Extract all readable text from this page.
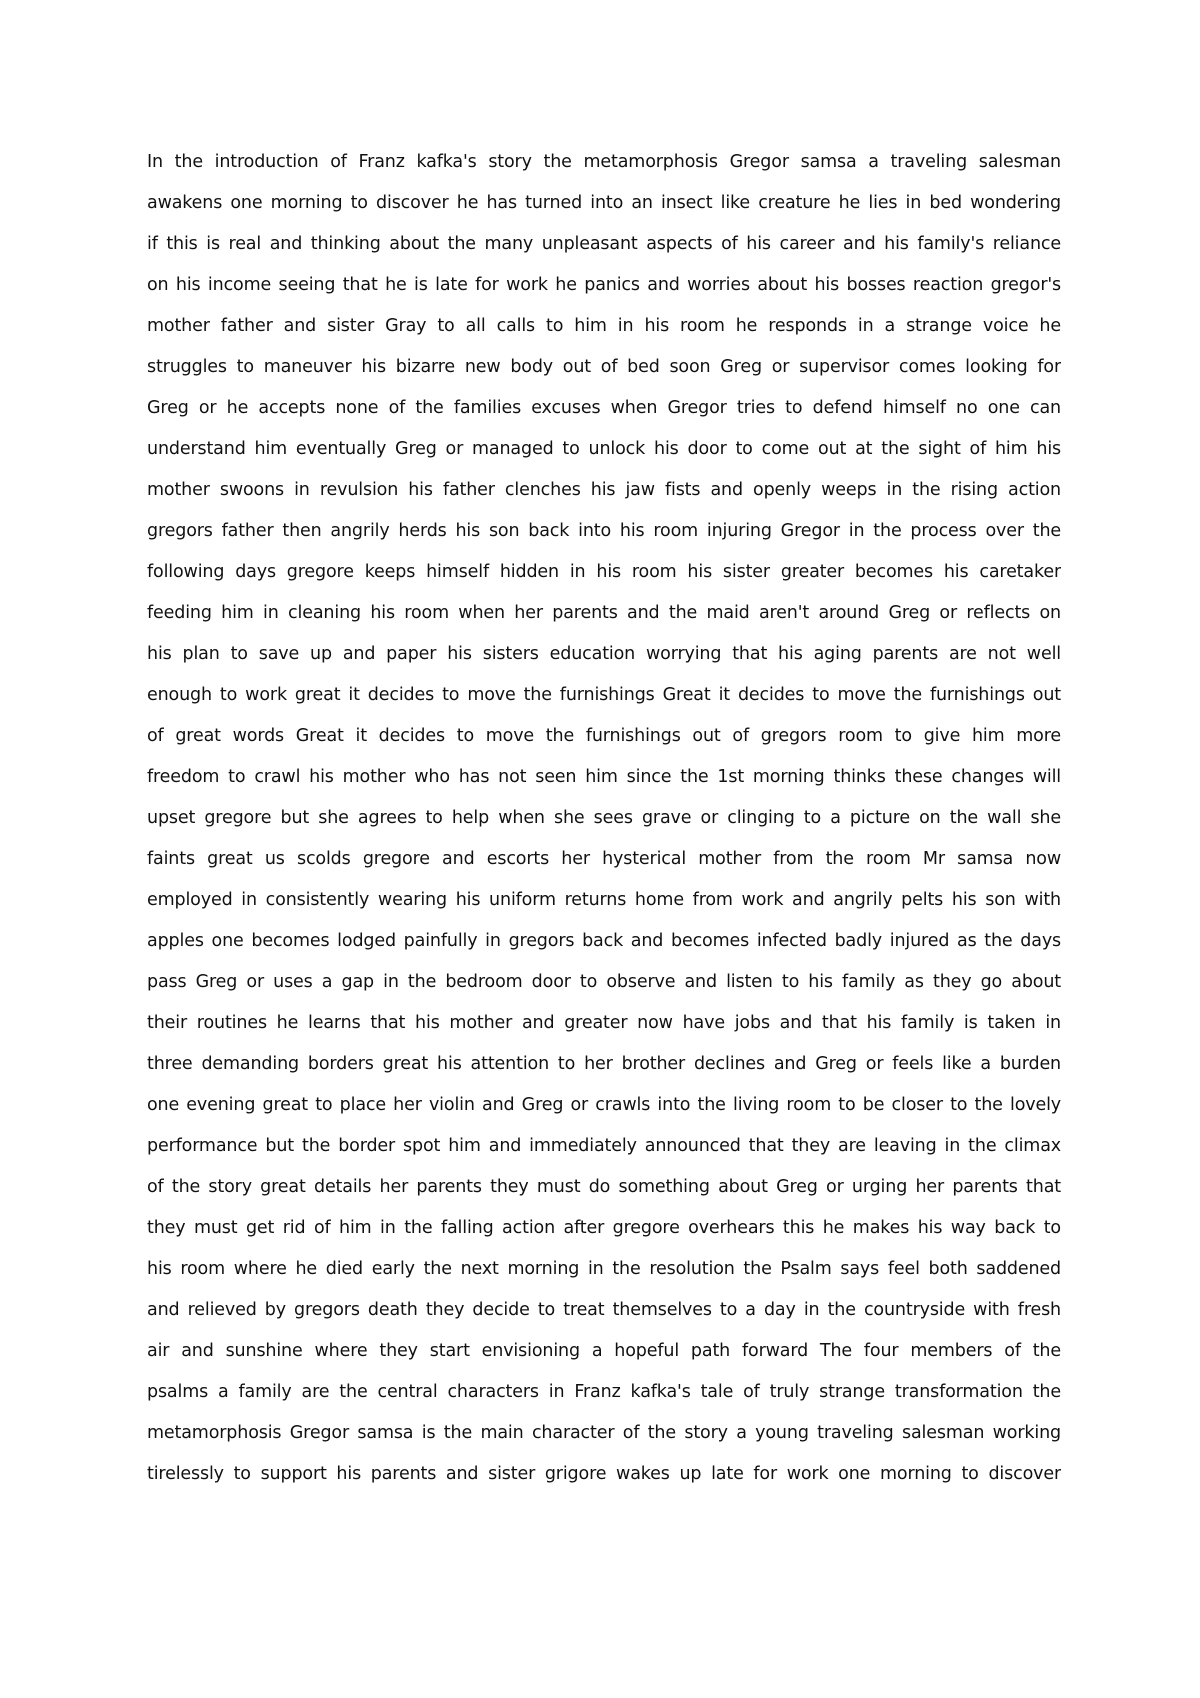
In the introduction of Franz kafka's story the metamorphosis Gregor samsa a traveling salesman
awakens one morning to discover he has turned into an insect like creature he lies in bed wondering
if this is real and thinking about the many unpleasant aspects of his career and his family's reliance
on his income seeing that he is late for work he panics and worries about his bosses reaction gregor's
mother father and sister Gray to all calls to him in his room he responds in a strange voice he
struggles to maneuver his bizarre new body out of bed soon Greg or supervisor comes looking for
Greg or he accepts none of the families excuses when Gregor tries to defend himself no one can
understand him eventually Greg or managed to unlock his door to come out at the sight of him his
mother swoons in revulsion his father clenches his jaw fists and openly weeps in the rising action
gregors father then angrily herds his son back into his room injuring Gregor in the process over the
following days gregore keeps himself hidden in his room his sister greater becomes his caretaker
feeding him in cleaning his room when her parents and the maid aren't around Greg or reflects on
his plan to save up and paper his sisters education worrying that his aging parents are not well
enough to work great it decides to move the furnishings Great it decides to move the furnishings out
of great words Great it decides to move the furnishings out of gregors room to give him more
freedom to crawl his mother who has not seen him since the 1st morning thinks these changes will
upset gregore but she agrees to help when she sees grave or clinging to a picture on the wall she
faints great us scolds gregore and escorts her hysterical mother from the room Mr samsa now
employed in consistently wearing his uniform returns home from work and angrily pelts his son with
apples one becomes lodged painfully in gregors back and becomes infected badly injured as the days
pass Greg or uses a gap in the bedroom door to observe and listen to his family as they go about
their routines he learns that his mother and greater now have jobs and that his family is taken in
three demanding borders great his attention to her brother declines and Greg or feels like a burden
one evening great to place her violin and Greg or crawls into the living room to be closer to the lovely
performance but the border spot him and immediately announced that they are leaving in the climax
of the story great details her parents they must do something about Greg or urging her parents that
they must get rid of him in the falling action after gregore overhears this he makes his way back to
his room where he died early the next morning in the resolution the Psalm says feel both saddened
and relieved by gregors death they decide to treat themselves to a day in the countryside with fresh
air and sunshine where they start envisioning a hopeful path forward The four members of the
psalms a family are the central characters in Franz kafka's tale of truly strange transformation the
metamorphosis Gregor samsa is the main character of the story a young traveling salesman working
tirelessly to support his parents and sister grigore wakes up late for work one morning to discover
